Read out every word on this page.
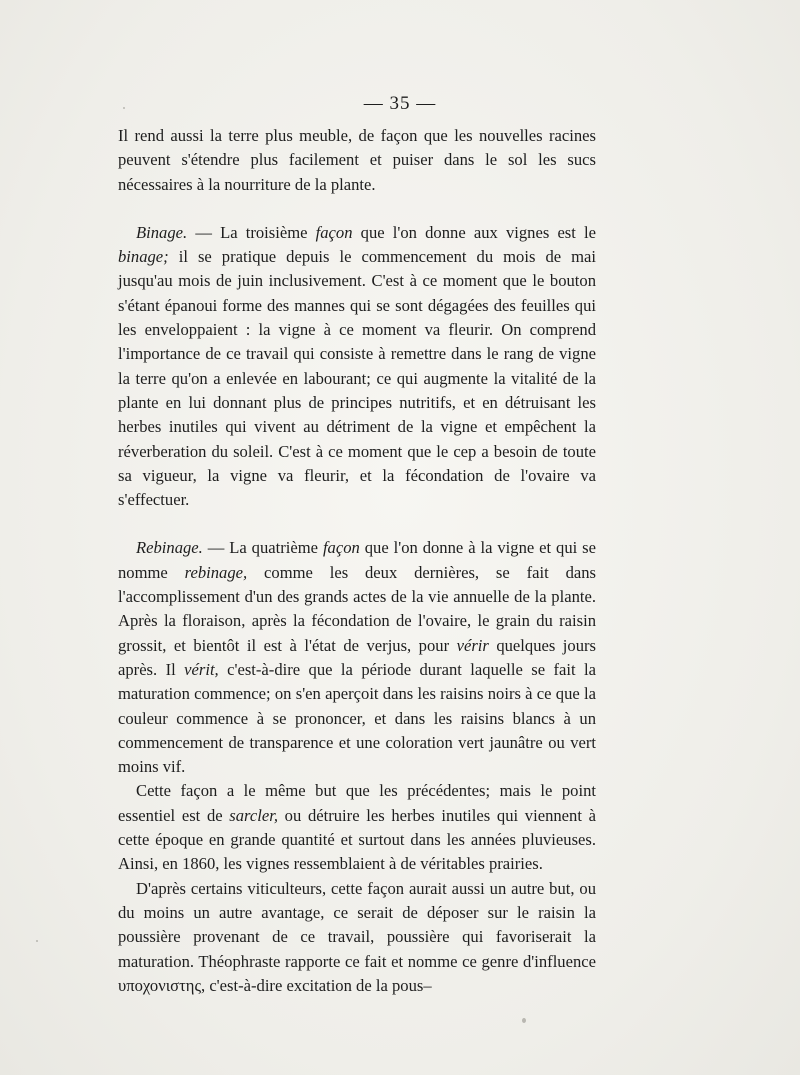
— 35 —

Il rend aussi la terre plus meuble, de façon que les nouvelles racines peuvent s'étendre plus facilement et puiser dans le sol les sucs nécessaires à la nourriture de la plante.

Binage. — La troisième façon que l'on donne aux vignes est le binage; il se pratique depuis le commencement du mois de mai jusqu'au mois de juin inclusivement. C'est à ce moment que le bouton s'étant épanoui forme des mannes qui se sont dégagées des feuilles qui les enveloppaient : la vigne à ce moment va fleurir. On comprend l'importance de ce travail qui consiste à remettre dans le rang de vigne la terre qu'on a enlevée en labourant; ce qui augmente la vitalité de la plante en lui donnant plus de principes nutritifs, et en détruisant les herbes inutiles qui vivent au détriment de la vigne et empêchent la réverberation du soleil. C'est à ce moment que le cep a besoin de toute sa vigueur, la vigne va fleurir, et la fécondation de l'ovaire va s'effectuer.

Rebinage. — La quatrième façon que l'on donne à la vigne et qui se nomme rebinage, comme les deux dernières, se fait dans l'accomplissement d'un des grands actes de la vie annuelle de la plante. Après la floraison, après la fécondation de l'ovaire, le grain du raisin grossit, et bientôt il est à l'état de verjus, pour vérir quelques jours après. Il vérit, c'est-à-dire que la période durant laquelle se fait la maturation commence; on s'en aperçoit dans les raisins noirs à ce que la couleur commence à se prononcer, et dans les raisins blancs à un commencement de transparence et une coloration vert jaunâtre ou vert moins vif.

Cette façon a le même but que les précédentes; mais le point essentiel est de sarcler, ou détruire les herbes inutiles qui viennent à cette époque en grande quantité et surtout dans les années pluvieuses. Ainsi, en 1860, les vignes ressemblaient à de véritables prairies.

D'après certains viticulteurs, cette façon aurait aussi un autre but, ou du moins un autre avantage, ce serait de déposer sur le raisin la poussière provenant de ce travail, poussière qui favoriserait la maturation. Théophraste rapporte ce fait et nomme ce genre d'influence υποχονιστης, c'est-à-dire excitation de la pous–
